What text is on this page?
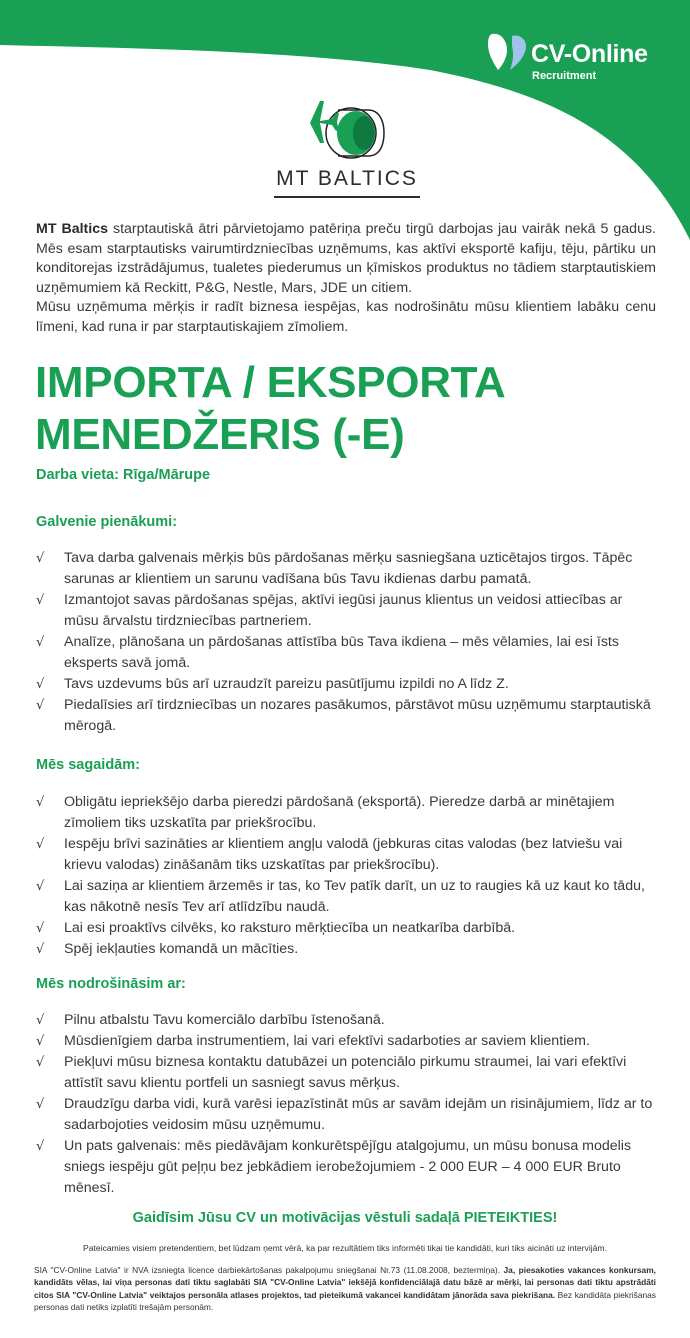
CV-Online
Recruitment
MT BALTICS

MT Baltics starptautiskā ātri pārvietojamo patēriņa preču tirgū darbojas jau vairāk nekā 5 gadus. Mēs esam starptautisks vairumtirdzniecības uzņēmums, kas aktīvi eksportē kafiju, tēju, pārtiku un konditorejas izstrādājumus, tualetes piederumus un ķīmiskos produktus no tādiem starptautiskiem uzņēmumiem kā Reckitt, P&G, Nestle, Mars, JDE un citiem.

Mūsu uzņēmuma mērķis ir radīt biznesa iespējas, kas nodrošinātu mūsu klientiem labāku cenu līmeni, kad runa ir par starptautiskajiem zīmoliem.

IMPORTA / EKSPORTA
MENEDŽERIS (-E)
Darba vieta: Rīga/Mārupe
Galvenie pienākumi:
√ Tava darba galvenais mērķis būs pārdošanas mērķu sasniegšana uzticētajos tirgos. Tāpēc sarunas ar klientiem un sarunu vadīšana būs Tavu ikdienas darbu pamatā.
√ Izmantojot savas pārdošanas spējas, aktīvi iegūsi jaunus klientus un veidosi attiecības ar mūsu ārvalstu tirdzniecības partneriem.
√ Analīze, plānošana un pārdošanas attīstība būs Tava ikdiena – mēs vēlamies, lai esi īsts eksperts savā jomā.
√ Tavs uzdevums būs arī uzraudzīt pareizu pasūtījumu izpildi no A līdz Z.
√ Piedalīsies arī tirdzniecības un nozares pasākumos, pārstāvot mūsu uzņēmumu starptautiskā mērogā.
Mēs sagaidām:
√ Obligātu iepriekšējo darba pieredzi pārdošanā (eksportā). Pieredze darbā ar minētajiem zīmoliem tiks uzskatīta par priekšrocību.
√ Iespēju brīvi sazināties ar klientiem angļu valodā (jebkuras citas valodas (bez latviešu vai krievu valodas) zināšanām tiks uzskatītas par priekšrocību).
√ Lai saziņa ar klientiem ārzemēs ir tas, ko Tev patīk darīt, un uz to raugies kā uz kaut ko tādu, kas nākotnē nesīs Tev arī atlīdzību naudā.
√ Lai esi proaktīvs cilvēks, ko raksturo mērķtiecība un neatkarība darbībā.
√ Spēj iekļauties komandā un mācīties.
Mēs nodrošināsim ar:
√ Pilnu atbalstu Tavu komerciālo darbību īstenošanā.
√ Mūsdienīgiem darba instrumentiem, lai vari efektīvi sadarboties ar saviem klientiem.
√ Piekļuvi mūsu biznesa kontaktu datubāzei un potenciālo pirkumu straumei, lai vari efektīvi attīstīt savu klientu portfeli un sasniegt savus mērķus.
√ Draudzīgu darba vidi, kurā varēsi iepazīstināt mūs ar savām idejām un risinājumiem, līdz ar to sadarbojoties veidosim mūsu uzņēmumu.
√ Un pats galvenais: mēs piedāvājam konkurētspējīgu atalgojumu, un mūsu bonusa modelis sniegs iespēju gūt peļņu bez jebkādiem ierobežojumiem - 2 000 EUR – 4 000 EUR Bruto mēnesī.
Gaidīsim Jūsu CV un motivācijas vēstuli sadaļā PIETEIKTIES!
Pateicamies visiem pretendentiem, bet lūdzam ņemt vērā, ka par rezultātiem tiks informēti tikai tie kandidāti, kuri tiks aicināti uz intervijām.
SIA "CV-Online Latvia" ir NVA izsniegta licence darbiekārtošanas pakalpojumu sniegšanai Nr.73 (11.08.2008, beztermiņa). Ja, piesakoties vakances konkursam, kandidāts vēlas, lai viņa personas dati tiktu saglabāti SIA "CV-Online Latvia" iekšējā konfidenciālajā datu bāzē ar mērķi, lai personas dati tiktu apstrādāti citos SIA "CV-Online Latvia" veiktajos personāla atlases projektos, tad pieteikumā vakancei kandidātam jānorāda sava piekrišana. Bez kandidāta piekrišanas personas dati netiks izplatīti trešajām personām.
